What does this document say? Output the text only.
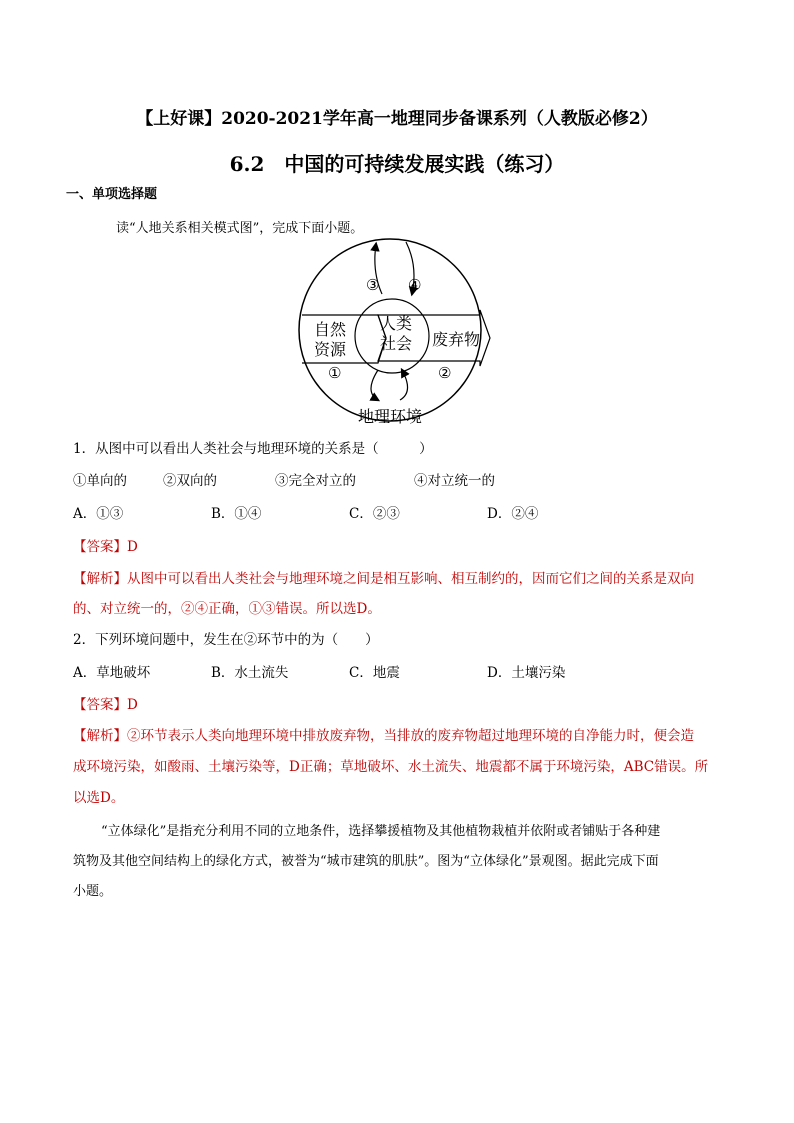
【上好课】2020-2021学年高一地理同步备课系列（人教版必修2）
6.2　中国的可持续发展实践（练习）
一、单项选择题
读“人地关系相关模式图”，完成下面小题。
自然
资源
人类
社会 废弃物
地理环境
①	②
③ ④
1．从图中可以看出人类社会与地理环境的关系是（　　　）
①单向的	②双向的	③完全对立的	④对立统一的
A．①③	B．①④	C．②③	D．②④
【答案】D
【解析】从图中可以看出人类社会与地理环境之间是相互影响、相互制约的，因而它们之间的关系是双向
的、对立统一的，②④正确，①③错误。所以选D。
2．下列环境问题中，发生在②环节中的为（　　）
A．草地破坏	B．水土流失	C．地震	D．土壤污染
【答案】D
【解析】②环节表示人类向地理环境中排放废弃物，当排放的废弃物超过地理环境的自净能力时，便会造
成环境污染，如酸雨、土壤污染等，D正确；草地破坏、水土流失、地震都不属于环境污染，ABC错误。所
以选D。
“立体绿化”是指充分利用不同的立地条件，选择攀援植物及其他植物栽植并依附或者铺贴于各种建
筑物及其他空间结构上的绿化方式，被誉为“城市建筑的肌肤”。图为“立体绿化”景观图。据此完成下面
小题。
